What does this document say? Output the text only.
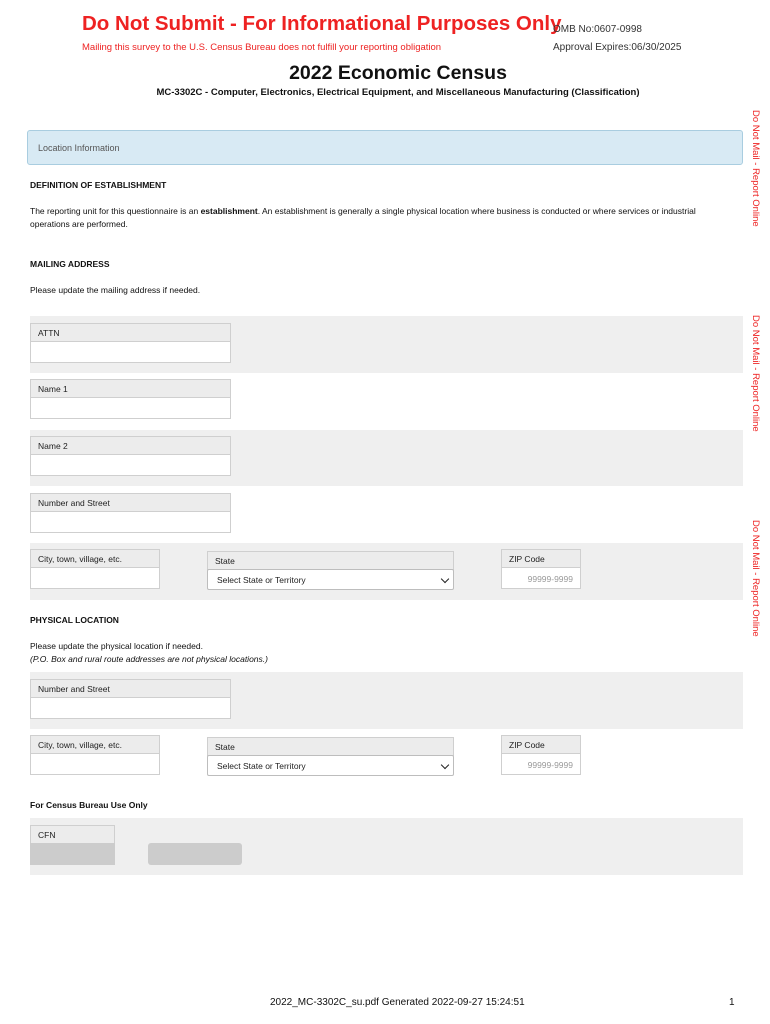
Do Not Submit - For Informational Purposes Only
Mailing this survey to the U.S. Census Bureau does not fulfill your reporting obligation
OMB No:0607-0998
Approval Expires:06/30/2025
2022 Economic Census
MC-3302C - Computer, Electronics, Electrical Equipment, and Miscellaneous Manufacturing (Classification)
Do Not Mail - Report Online
Do Not Mail - Report Online
Do Not Mail - Report Online
Location Information
DEFINITION OF ESTABLISHMENT
The reporting unit for this questionnaire is an establishment. An establishment is generally a single physical location where business is conducted or where services or industrial operations are performed.
MAILING ADDRESS
Please update the mailing address if needed.
ATTN
Name 1
Name 2
Number and Street
City, town, village, etc.	State
Select State or Territory
ZIP Code
99999-9999
PHYSICAL LOCATION
Please update the physical location if needed.
(P.O. Box and rural route addresses are not physical locations.)
Number and Street
City, town, village, etc.	State
Select State or Territory
ZIP Code
99999-9999
For Census Bureau Use Only
CFN
2022_MC-3302C_su.pdf Generated 2022-09-27 15:24:51	1
